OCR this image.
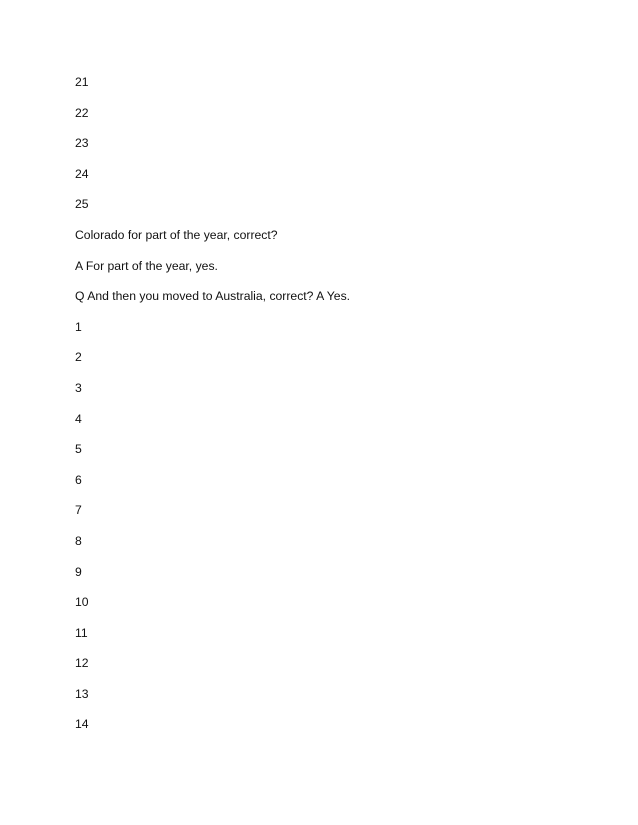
21
22
23
24
25
Colorado for part of the year, correct?
A For part of the year, yes.
Q And then you moved to Australia, correct? A Yes.
1
2
3
4
5
6
7
8
9
10
11
12
13
14
